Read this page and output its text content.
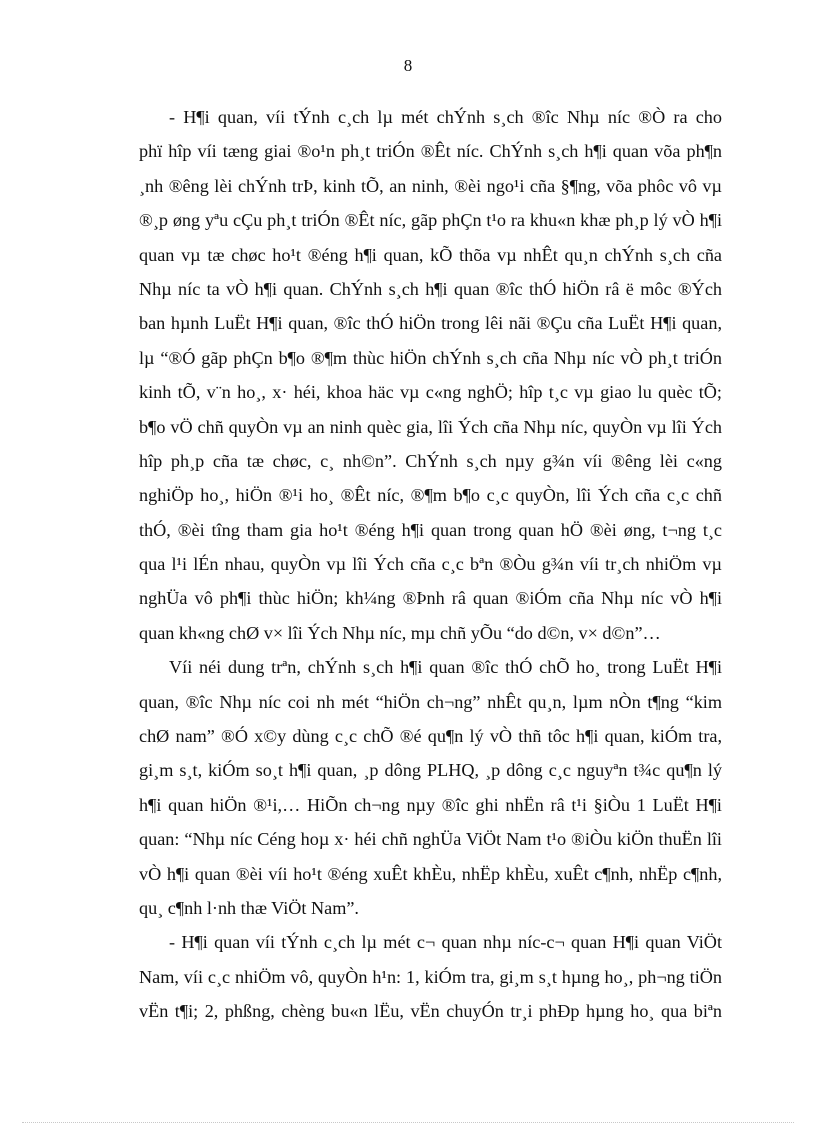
8
- H¶i quan, víi tÝnh c¸ch lµ mét chÝnh s¸ch ®îc Nhµ níc ®Ò ra cho
phï hîp víi tæng giai ®o¹n ph¸t triÓn ®Êt níc. ChÝnh s¸ch h¶i quan võa ph¶n
¸nh ®êng lèi chÝnh trÞ, kinh tÕ, an ninh, ®èi ngo¹i cña §¶ng, võa phôc vô vµ
®¸p øng yªu cÇu ph¸t triÓn ®Êt níc, gãp phÇn t¹o ra khu«n khæ ph¸p lý vÒ h¶i
quan vµ tæ chøc ho¹t ®éng h¶i quan, kÕ thõa vµ nhÊt qu¸n chÝnh s¸ch cña
Nhµ níc ta vÒ h¶i quan. ChÝnh s¸ch h¶i quan ®îc thÓ hiÖn râ ë môc ®Ých
ban hµnh LuËt H¶i quan, ®îc thÓ hiÖn trong lêi nãi ®Çu cña LuËt H¶i quan,
lµ “®Ó gãp phÇn b¶o ®¶m thùc hiÖn chÝnh s¸ch cña Nhµ níc vÒ ph¸t triÓn
kinh tÕ, v¨n ho¸, x· héi, khoa häc vµ c«ng nghÖ; hîp t¸c vµ giao lu quèc tÕ;
b¶o vÖ chñ quyÒn vµ an ninh quèc gia, lîi Ých cña Nhµ níc, quyÒn vµ lîi Ých
hîp ph¸p cña tæ chøc, c¸ nh©n”. ChÝnh s¸ch nµy g¾n víi ®êng lèi c«ng
nghiÖp ho¸, hiÖn ®¹i ho¸ ®Êt níc, ®¶m b¶o c¸c quyÒn, lîi Ých cña c¸c chñ
thÓ, ®èi tîng tham gia ho¹t ®éng h¶i quan trong quan hÖ ®èi øng, t¬ng t¸c
qua l¹i lÉn nhau, quyÒn vµ lîi Ých cña c¸c bªn ®Òu g¾n víi tr¸ch nhiÖm vµ
nghÜa vô ph¶i thùc hiÖn; kh¼ng ®Þnh râ quan ®iÓm cña Nhµ níc vÒ h¶i
quan kh«ng chØ v× lîi Ých Nhµ níc, mµ chñ yÕu “do d©n, v× d©n”…
Víi néi dung trªn, chÝnh s¸ch h¶i quan ®îc thÓ chÕ ho¸ trong LuËt H¶i
quan, ®îc Nhµ níc coi nh mét “hiÖn ch¬ng” nhÊt qu¸n, lµm nÒn t¶ng “kim
chØ nam” ®Ó x©y dùng c¸c chÕ ®é qu¶n lý vÒ thñ tôc h¶i quan, kiÓm tra,
gi¸m s¸t, kiÓm so¸t h¶i quan, ¸p dông PLHQ, ¸p dông c¸c nguyªn t¾c qu¶n lý
h¶i quan hiÖn ®¹i,… HiÕn ch¬ng nµy ®îc ghi nhËn râ t¹i §iÒu 1 LuËt H¶i
quan: “Nhµ níc Céng hoµ x· héi chñ nghÜa ViÖt Nam t¹o ®iÒu kiÖn thuËn lîi
vÒ h¶i quan ®èi víi ho¹t ®éng xuÊt khÈu, nhËp khÈu, xuÊt c¶nh, nhËp c¶nh,
qu¸ c¶nh l·nh thæ ViÖt Nam”.
- H¶i quan víi tÝnh c¸ch lµ mét c¬ quan nhµ níc-c¬ quan H¶i quan ViÖt
Nam, víi c¸c nhiÖm vô, quyÒn h¹n: 1, kiÓm tra, gi¸m s¸t hµng ho¸, ph¬ng tiÖn
vËn t¶i; 2, phßng, chèng bu«n lËu, vËn chuyÓn tr¸i phÐp hµng ho¸ qua biªn
